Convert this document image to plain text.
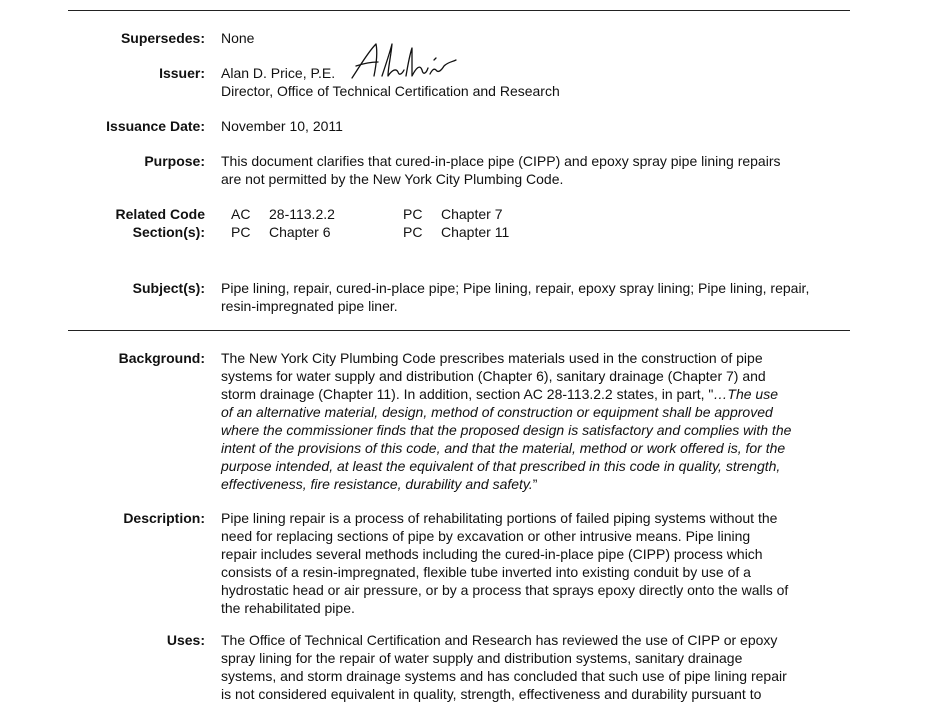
Supersedes: None
Issuer: Alan D. Price, P.E.
Director, Office of Technical Certification and Research
Issuance Date: November 10, 2011
Purpose: This document clarifies that cured-in-place pipe (CIPP) and epoxy spray pipe lining repairs
are not permitted by the New York City Plumbing Code.
Related Code
Section(s):
AC 28-113.2.2
PC Chapter 6
PC Chapter 7
PC Chapter 11
Subject(s): Pipe lining, repair, cured-in-place pipe; Pipe lining, repair, epoxy spray lining; Pipe lining, repair,
resin-impregnated pipe liner.
Background: The New York City Plumbing Code prescribes materials used in the construction of pipe
systems for water supply and distribution (Chapter 6), sanitary drainage (Chapter 7) and
storm drainage (Chapter 11). In addition, section AC 28-113.2.2 states, in part, "…The use
of an alternative material, design, method of construction or equipment shall be approved
where the commissioner finds that the proposed design is satisfactory and complies with the
intent of the provisions of this code, and that the material, method or work offered is, for the
purpose intended, at least the equivalent of that prescribed in this code in quality, strength,
effectiveness, fire resistance, durability and safety.”
Description: Pipe lining repair is a process of rehabilitating portions of failed piping systems without the
need for replacing sections of pipe by excavation or other intrusive means. Pipe lining
repair includes several methods including the cured-in-place pipe (CIPP) process which
consists of a resin-impregnated, flexible tube inverted into existing conduit by use of a
hydrostatic head or air pressure, or by a process that sprays epoxy directly onto the walls of
the rehabilitated pipe.
Uses: The Office of Technical Certification and Research has reviewed the use of CIPP or epoxy
spray lining for the repair of water supply and distribution systems, sanitary drainage
systems, and storm drainage systems and has concluded that such use of pipe lining repair
is not considered equivalent in quality, strength, effectiveness and durability pursuant to
